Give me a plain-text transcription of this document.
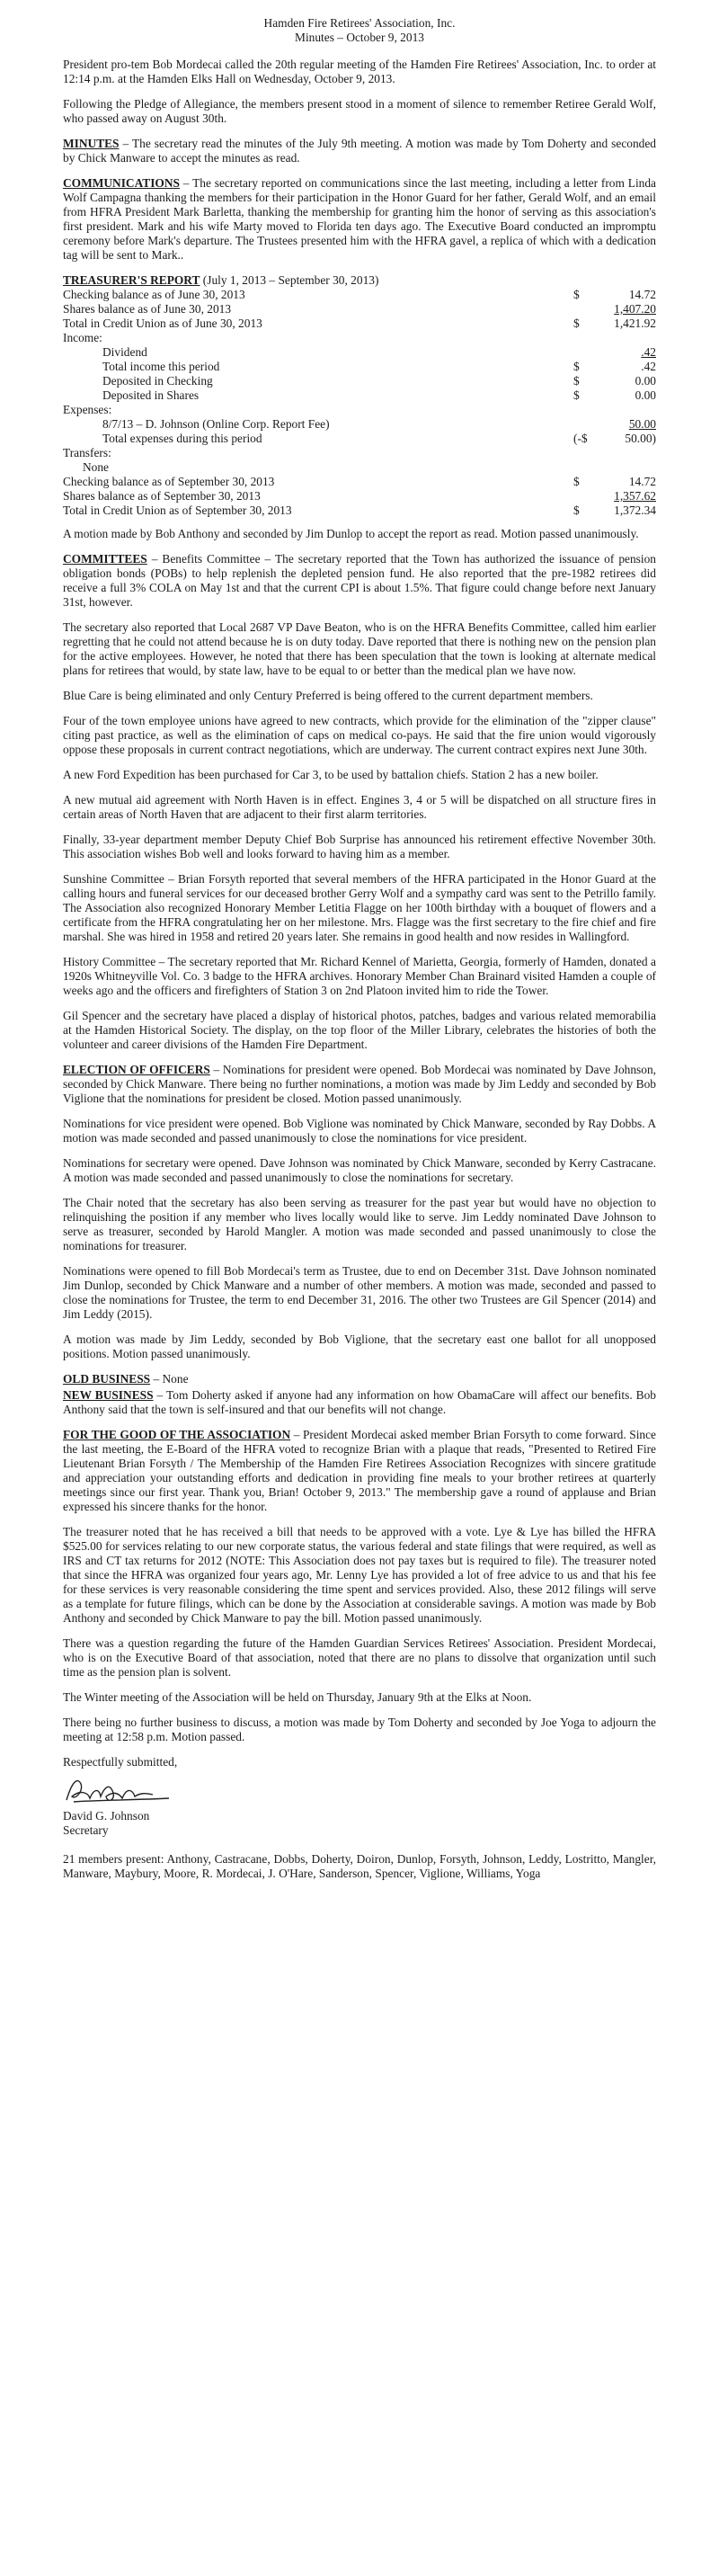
Hamden Fire Retirees' Association, Inc.
Minutes – October 9, 2013

President pro-tem Bob Mordecai called the 20th regular meeting of the Hamden Fire Retirees' Association, Inc. to order at 12:14 p.m. at the Hamden Elks Hall on Wednesday, October 9, 2013.

Following the Pledge of Allegiance, the members present stood in a moment of silence to remember Retiree Gerald Wolf, who passed away on August 30th.

MINUTES – The secretary read the minutes of the July 9th meeting. A motion was made by Tom Doherty and seconded by Chick Manware to accept the minutes as read.

COMMUNICATIONS – The secretary reported on communications since the last meeting, including a letter from Linda Wolf Campagna thanking the members for their participation in the Honor Guard for her father, Gerald Wolf, and an email from HFRA President Mark Barletta, thanking the membership for granting him the honor of serving as this association's first president. Mark and his wife Marty moved to Florida ten days ago. The Executive Board conducted an impromptu ceremony before Mark's departure. The Trustees presented him with the HFRA gavel, a replica of which with a dedication tag will be sent to Mark..

TREASURER'S REPORT (July 1, 2013 – September 30, 2013)
Checking balance as of June 30, 2013	$	14.72
Shares balance as of June 30, 2013	1,407.20
Total in Credit Union as of June 30, 2013	$	1,421.92
Income:
Dividend	.42
Total income this period	$	.42
Deposited in Checking	$	0.00
Deposited in Shares	$	0.00
Expenses:
8/7/13 – D. Johnson (Online Corp. Report Fee)	50.00
Total expenses during this period	(-$	50.00)
Transfers:
None
Checking balance as of September 30, 2013	$	14.72
Shares balance as of September 30, 2013	1,357.62
Total in Credit Union as of September 30, 2013	$	1,372.34

A motion made by Bob Anthony and seconded by Jim Dunlop to accept the report as read. Motion passed unanimously.

COMMITTEES – Benefits Committee – The secretary reported that the Town has authorized the issuance of pension obligation bonds (POBs) to help replenish the depleted pension fund. He also reported that the pre-1982 retirees did receive a full 3% COLA on May 1st and that the current CPI is about 1.5%. That figure could change before next January 31st, however.

The secretary also reported that Local 2687 VP Dave Beaton, who is on the HFRA Benefits Committee, called him earlier regretting that he could not attend because he is on duty today. Dave reported that there is nothing new on the pension plan for the active employees. However, he noted that there has been speculation that the town is looking at alternate medical plans for retirees that would, by state law, have to be equal to or better than the medical plan we have now.

Blue Care is being eliminated and only Century Preferred is being offered to the current department members.

Four of the town employee unions have agreed to new contracts, which provide for the elimination of the "zipper clause" citing past practice, as well as the elimination of caps on medical co-pays. He said that the fire union would vigorously oppose these proposals in current contract negotiations, which are underway. The current contract expires next June 30th.

A new Ford Expedition has been purchased for Car 3, to be used by battalion chiefs. Station 2 has a new boiler.

A new mutual aid agreement with North Haven is in effect. Engines 3, 4 or 5 will be dispatched on all structure fires in certain areas of North Haven that are adjacent to their first alarm territories.

Finally, 33-year department member Deputy Chief Bob Surprise has announced his retirement effective November 30th. This association wishes Bob well and looks forward to having him as a member.

Sunshine Committee – Brian Forsyth reported that several members of the HFRA participated in the Honor Guard at the calling hours and funeral services for our deceased brother Gerry Wolf and a sympathy card was sent to the Petrillo family. The Association also recognized Honorary Member Letitia Flagge on her 100th birthday with a bouquet of flowers and a certificate from the HFRA congratulating her on her milestone. Mrs. Flagge was the first secretary to the fire chief and fire marshal. She was hired in 1958 and retired 20 years later. She remains in good health and now resides in Wallingford.

History Committee – The secretary reported that Mr. Richard Kennel of Marietta, Georgia, formerly of Hamden, donated a 1920s Whitneyville Vol. Co. 3 badge to the HFRA archives. Honorary Member Chan Brainard visited Hamden a couple of weeks ago and the officers and firefighters of Station 3 on 2nd Platoon invited him to ride the Tower.

Gil Spencer and the secretary have placed a display of historical photos, patches, badges and various related memorabilia at the Hamden Historical Society. The display, on the top floor of the Miller Library, celebrates the histories of both the volunteer and career divisions of the Hamden Fire Department.

ELECTION OF OFFICERS – Nominations for president were opened. Bob Mordecai was nominated by Dave Johnson, seconded by Chick Manware. There being no further nominations, a motion was made by Jim Leddy and seconded by Bob Viglione that the nominations for president be closed. Motion passed unanimously.

Nominations for vice president were opened. Bob Viglione was nominated by Chick Manware, seconded by Ray Dobbs. A motion was made seconded and passed unanimously to close the nominations for vice president.

Nominations for secretary were opened. Dave Johnson was nominated by Chick Manware, seconded by Kerry Castracane. A motion was made seconded and passed unanimously to close the nominations for secretary.

The Chair noted that the secretary has also been serving as treasurer for the past year but would have no objection to relinquishing the position if any member who lives locally would like to serve. Jim Leddy nominated Dave Johnson to serve as treasurer, seconded by Harold Mangler. A motion was made seconded and passed unanimously to close the nominations for treasurer.

Nominations were opened to fill Bob Mordecai's term as Trustee, due to end on December 31st. Dave Johnson nominated Jim Dunlop, seconded by Chick Manware and a number of other members. A motion was made, seconded and passed to close the nominations for Trustee, the term to end December 31, 2016. The other two Trustees are Gil Spencer (2014) and Jim Leddy (2015).

A motion was made by Jim Leddy, seconded by Bob Viglione, that the secretary east one ballot for all unopposed positions. Motion passed unanimously.

OLD BUSINESS – None

NEW BUSINESS – Tom Doherty asked if anyone had any information on how ObamaCare will affect our benefits. Bob Anthony said that the town is self-insured and that our benefits will not change.

FOR THE GOOD OF THE ASSOCIATION – President Mordecai asked member Brian Forsyth to come forward. Since the last meeting, the E-Board of the HFRA voted to recognize Brian with a plaque that reads, "Presented to Retired Fire Lieutenant Brian Forsyth / The Membership of the Hamden Fire Retirees Association Recognizes with sincere gratitude and appreciation your outstanding efforts and dedication in providing fine meals to your brother retirees at quarterly meetings since our first year. Thank you, Brian! October 9, 2013." The membership gave a round of applause and Brian expressed his sincere thanks for the honor.

The treasurer noted that he has received a bill that needs to be approved with a vote. Lye & Lye has billed the HFRA $525.00 for services relating to our new corporate status, the various federal and state filings that were required, as well as IRS and CT tax returns for 2012 (NOTE: This Association does not pay taxes but is required to file). The treasurer noted that since the HFRA was organized four years ago, Mr. Lenny Lye has provided a lot of free advice to us and that his fee for these services is very reasonable considering the time spent and services provided. Also, these 2012 filings will serve as a template for future filings, which can be done by the Association at considerable savings. A motion was made by Bob Anthony and seconded by Chick Manware to pay the bill. Motion passed unanimously.

There was a question regarding the future of the Hamden Guardian Services Retirees' Association. President Mordecai, who is on the Executive Board of that association, noted that there are no plans to dissolve that organization until such time as the pension plan is solvent.

The Winter meeting of the Association will be held on Thursday, January 9th at the Elks at Noon.

There being no further business to discuss, a motion was made by Tom Doherty and seconded by Joe Yoga to adjourn the meeting at 12:58 p.m. Motion passed.

Respectfully submitted,
David G. Johnson
Secretary

21 members present: Anthony, Castracane, Dobbs, Doherty, Doiron, Dunlop, Forsyth, Johnson, Leddy, Lostritto, Mangler, Manware, Maybury, Moore, R. Mordecai, J. O'Hare, Sanderson, Spencer, Viglione, Williams, Yoga
